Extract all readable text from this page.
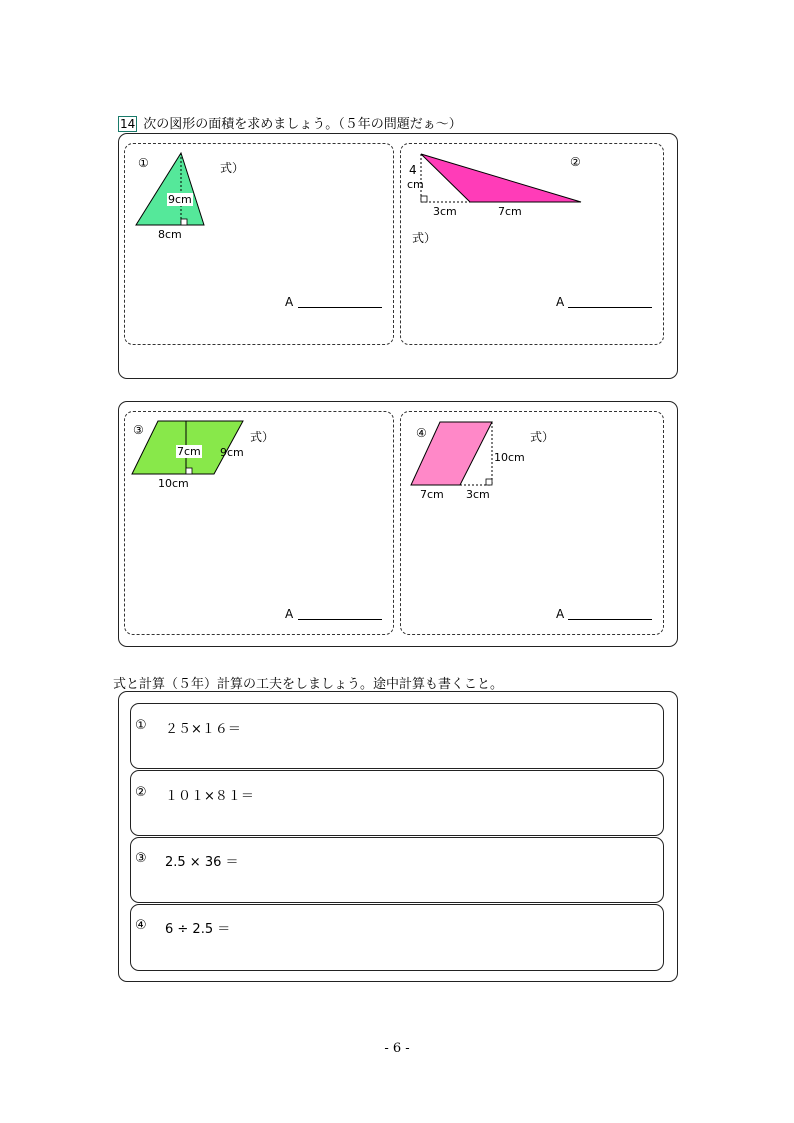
14 次の図形の面積を求めましょう。（５年の問題だぁ～）
①
9cm
8cm
式）
A
②
4
cm
3cm	7cm
式）
A
③
7cm 9cm
10cm
式）
A
④
10cm
7cm 3cm
式）
A
式と計算（５年）計算の工夫をしましょう。途中計算も書くこと。
① ２５×１６＝
② １０１×８１＝
③ 2.5 × 36 ＝
④ 6 ÷ 2.5 ＝
- 6 -
